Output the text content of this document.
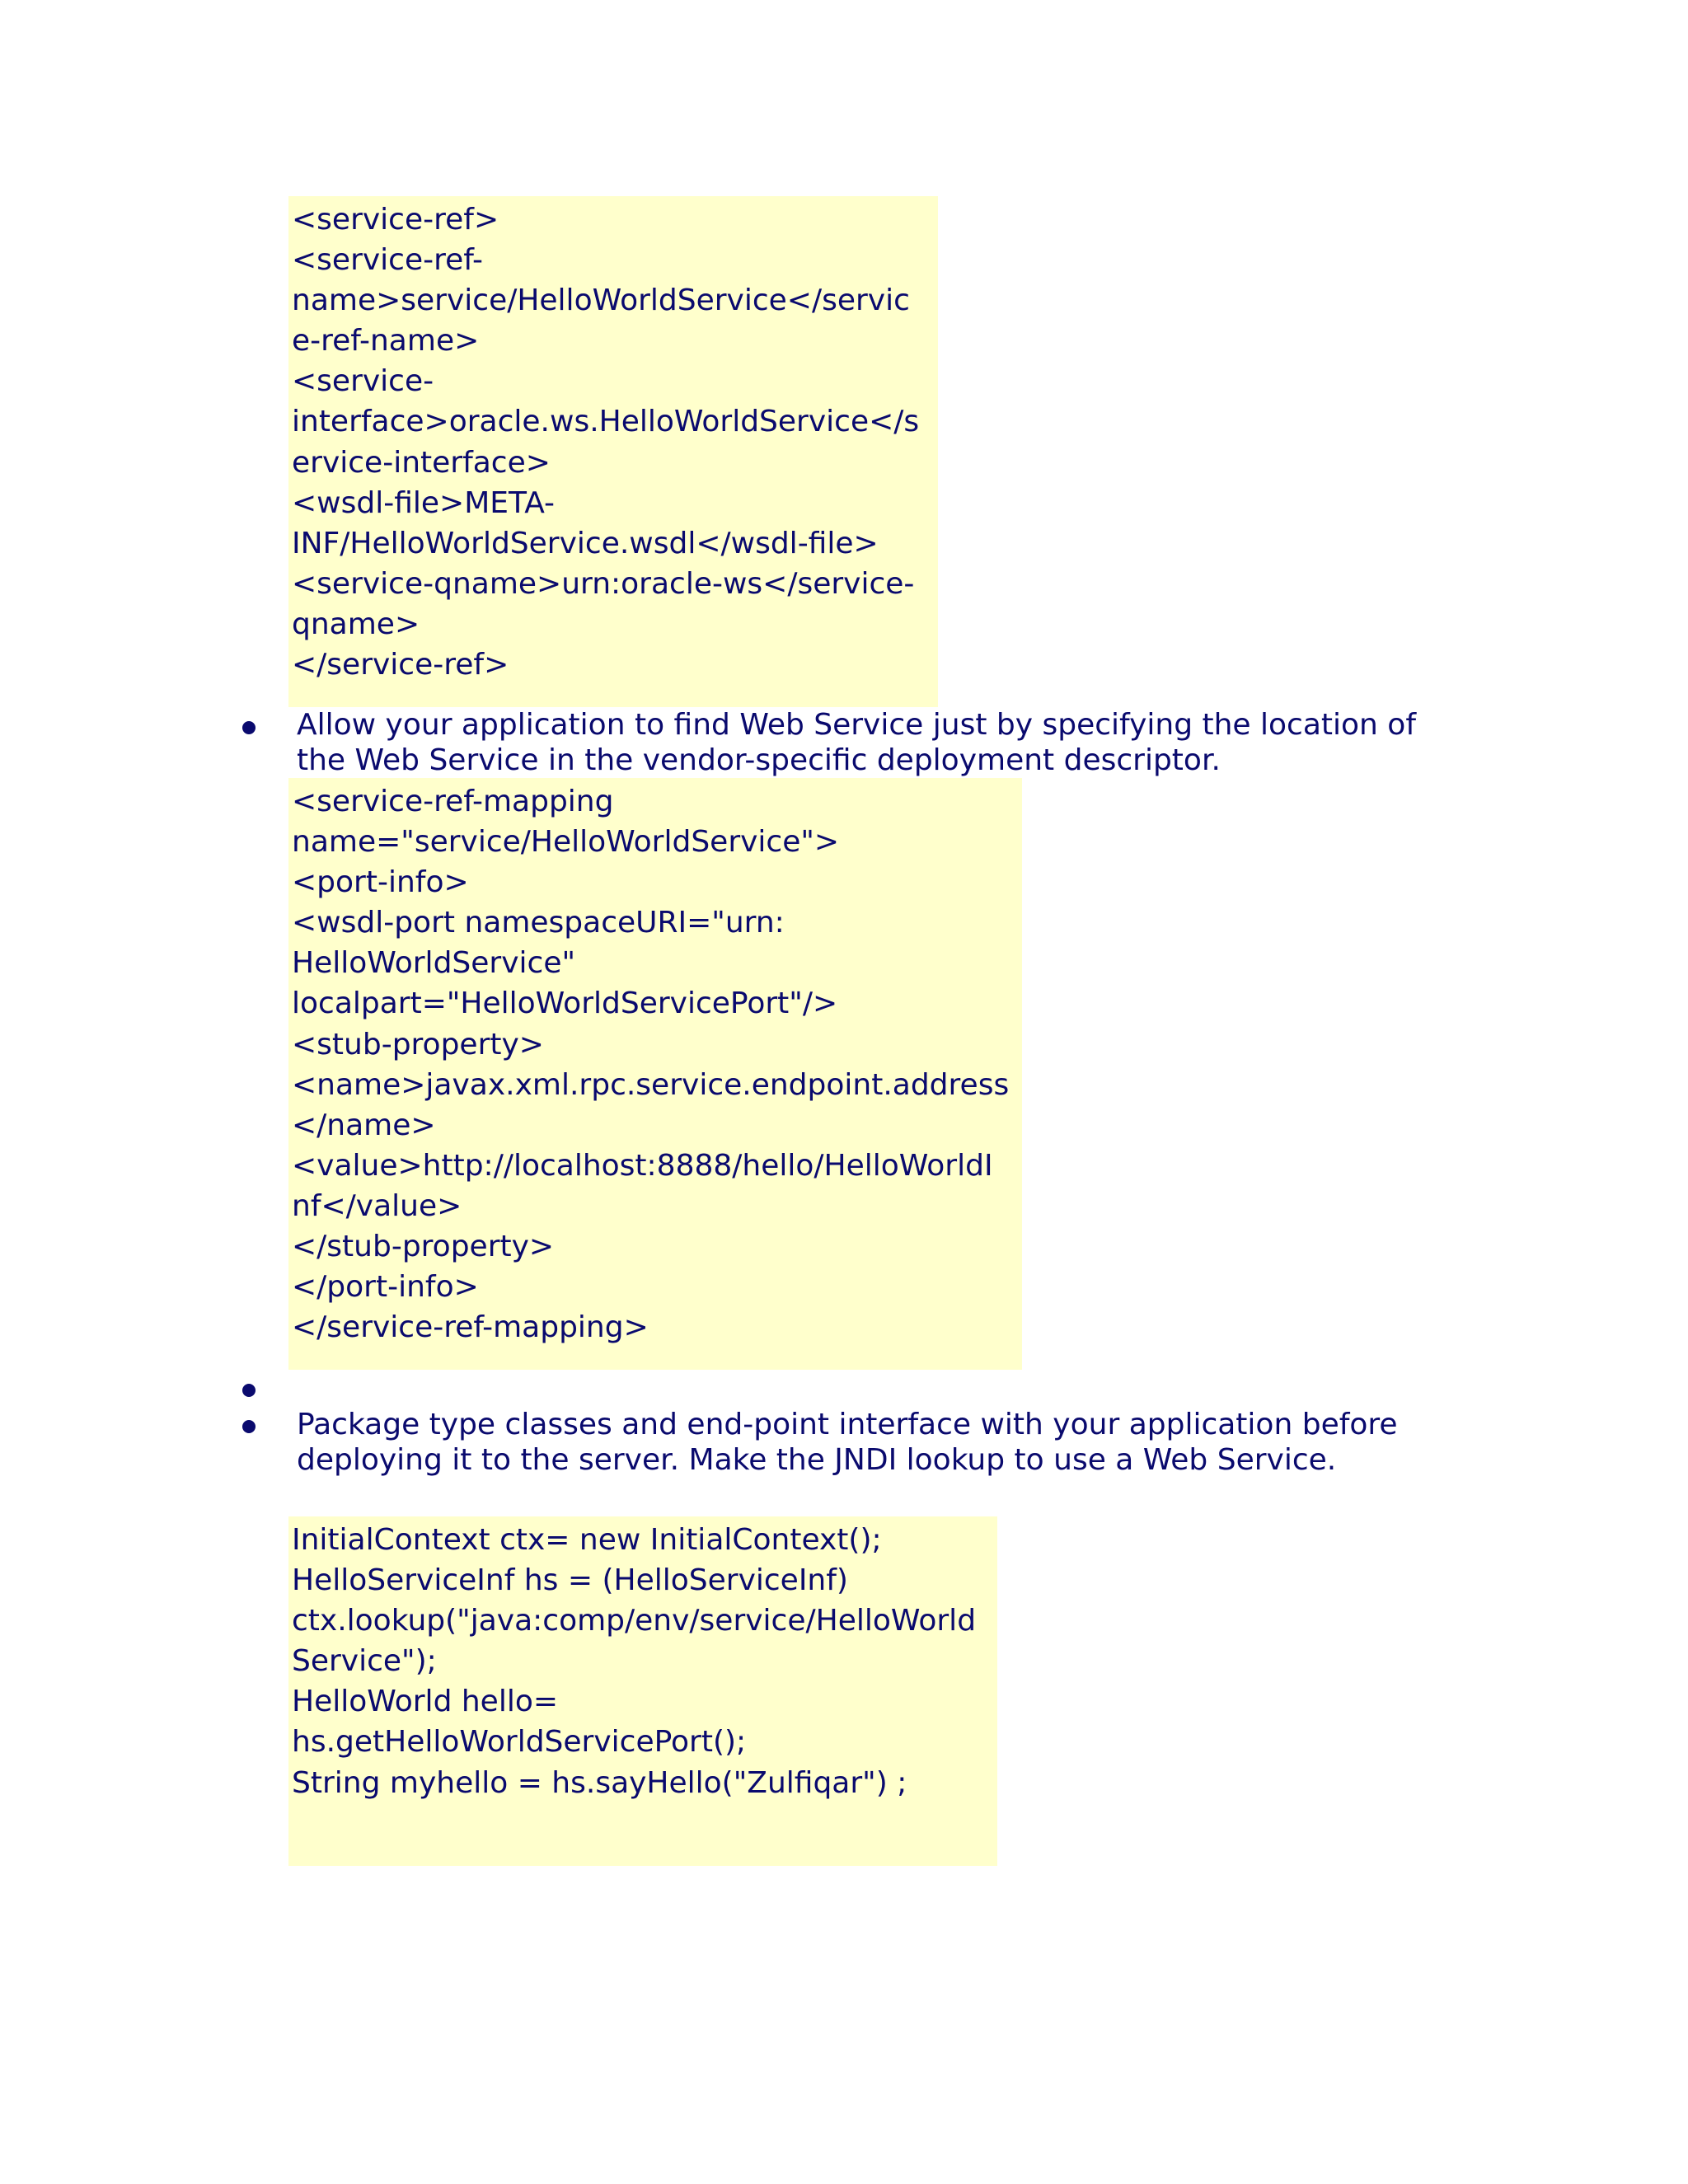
<service-ref>
<service-ref-
name>service/HelloWorldService</servic
e-ref-name>
<service-
interface>oracle.ws.HelloWorldService</s
ervice-interface>
<wsdl-file>META-
INF/HelloWorldService.wsdl</wsdl-file>
<service-qname>urn:oracle-ws</service-
qname>
</service-ref>
Allow your application to find Web Service just by specifying the location of
the Web Service in the vendor-specific deployment descriptor.
<service-ref-mapping
name="service/HelloWorldService">
<port-info>
<wsdl-port namespaceURI="urn:
HelloWorldService"
localpart="HelloWorldServicePort"/>
<stub-property>
<name>javax.xml.rpc.service.endpoint.address
</name>
<value>http://localhost:8888/hello/HelloWorldI
nf</value>
</stub-property>
</port-info>
</service-ref-mapping>
Package type classes and end-point interface with your application before
deploying it to the server. Make the JNDI lookup to use a Web Service.
InitialContext ctx= new InitialContext();
HelloServiceInf hs = (HelloServiceInf)
ctx.lookup("java:comp/env/service/HelloWorld
Service");
HelloWorld hello=
hs.getHelloWorldServicePort();
String myhello = hs.sayHello("Zulfiqar") ;
